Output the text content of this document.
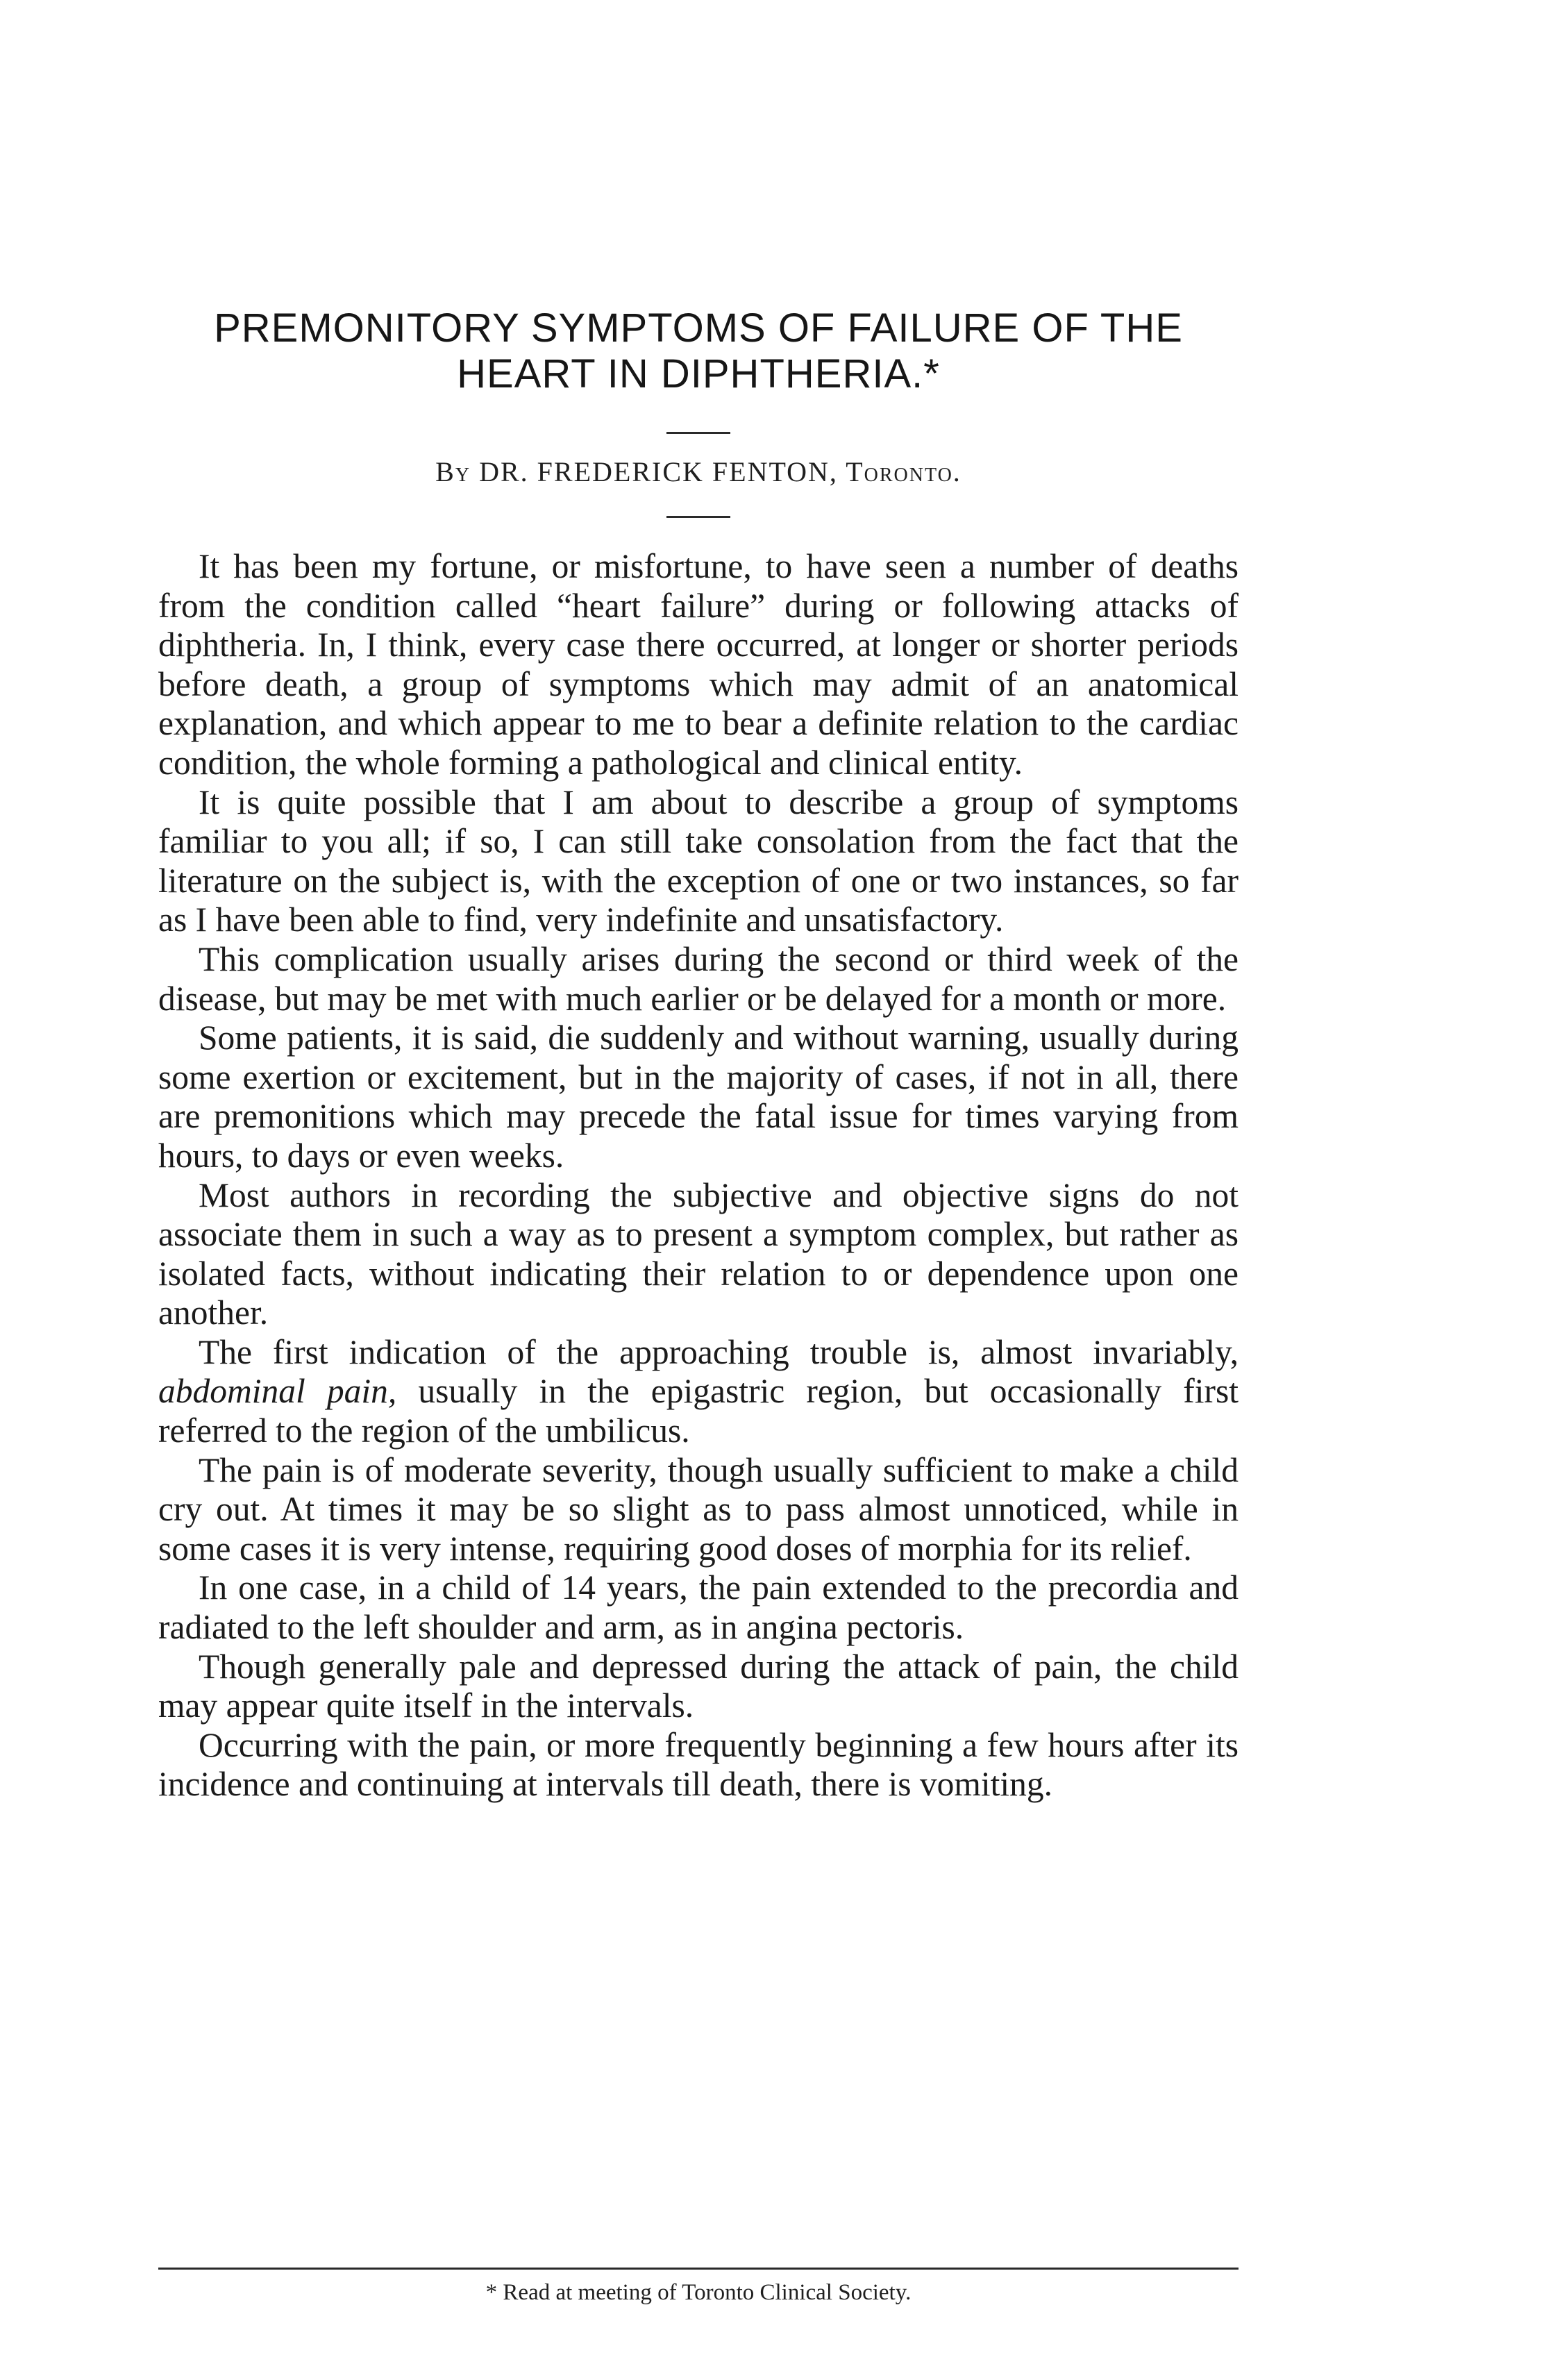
PREMONITORY SYMPTOMS OF FAILURE OF THE
HEART IN DIPHTHERIA.*
By DR. FREDERICK FENTON, Toronto.

It has been my fortune, or misfortune, to have seen a number of deaths from the condition called “heart failure” during or following attacks of diphtheria. In, I think, every case there occurred, at longer or shorter periods before death, a group of symptoms which may admit of an anatomical explanation, and which appear to me to bear a definite relation to the cardiac condition, the whole forming a pathological and clinical entity.

It is quite possible that I am about to describe a group of symptoms familiar to you all; if so, I can still take consolation from the fact that the literature on the subject is, with the exception of one or two instances, so far as I have been able to find, very indefinite and unsatisfactory.

This complication usually arises during the second or third week of the disease, but may be met with much earlier or be delayed for a month or more.

Some patients, it is said, die suddenly and without warning, usually during some exertion or excitement, but in the majority of cases, if not in all, there are premonitions which may precede the fatal issue for times varying from hours, to days or even weeks.

Most authors in recording the subjective and objective signs do not associate them in such a way as to present a symptom complex, but rather as isolated facts, without indicating their relation to or dependence upon one another.

The first indication of the approaching trouble is, almost invariably, abdominal pain, usually in the epigastric region, but occasionally first referred to the region of the umbilicus.

The pain is of moderate severity, though usually sufficient to make a child cry out. At times it may be so slight as to pass almost unnoticed, while in some cases it is very intense, requiring good doses of morphia for its relief.

In one case, in a child of 14 years, the pain extended to the precordia and radiated to the left shoulder and arm, as in angina pectoris.

Though generally pale and depressed during the attack of pain, the child may appear quite itself in the intervals.

Occurring with the pain, or more frequently beginning a few hours after its incidence and continuing at intervals till death, there is vomiting.

* Read at meeting of Toronto Clinical Society.
